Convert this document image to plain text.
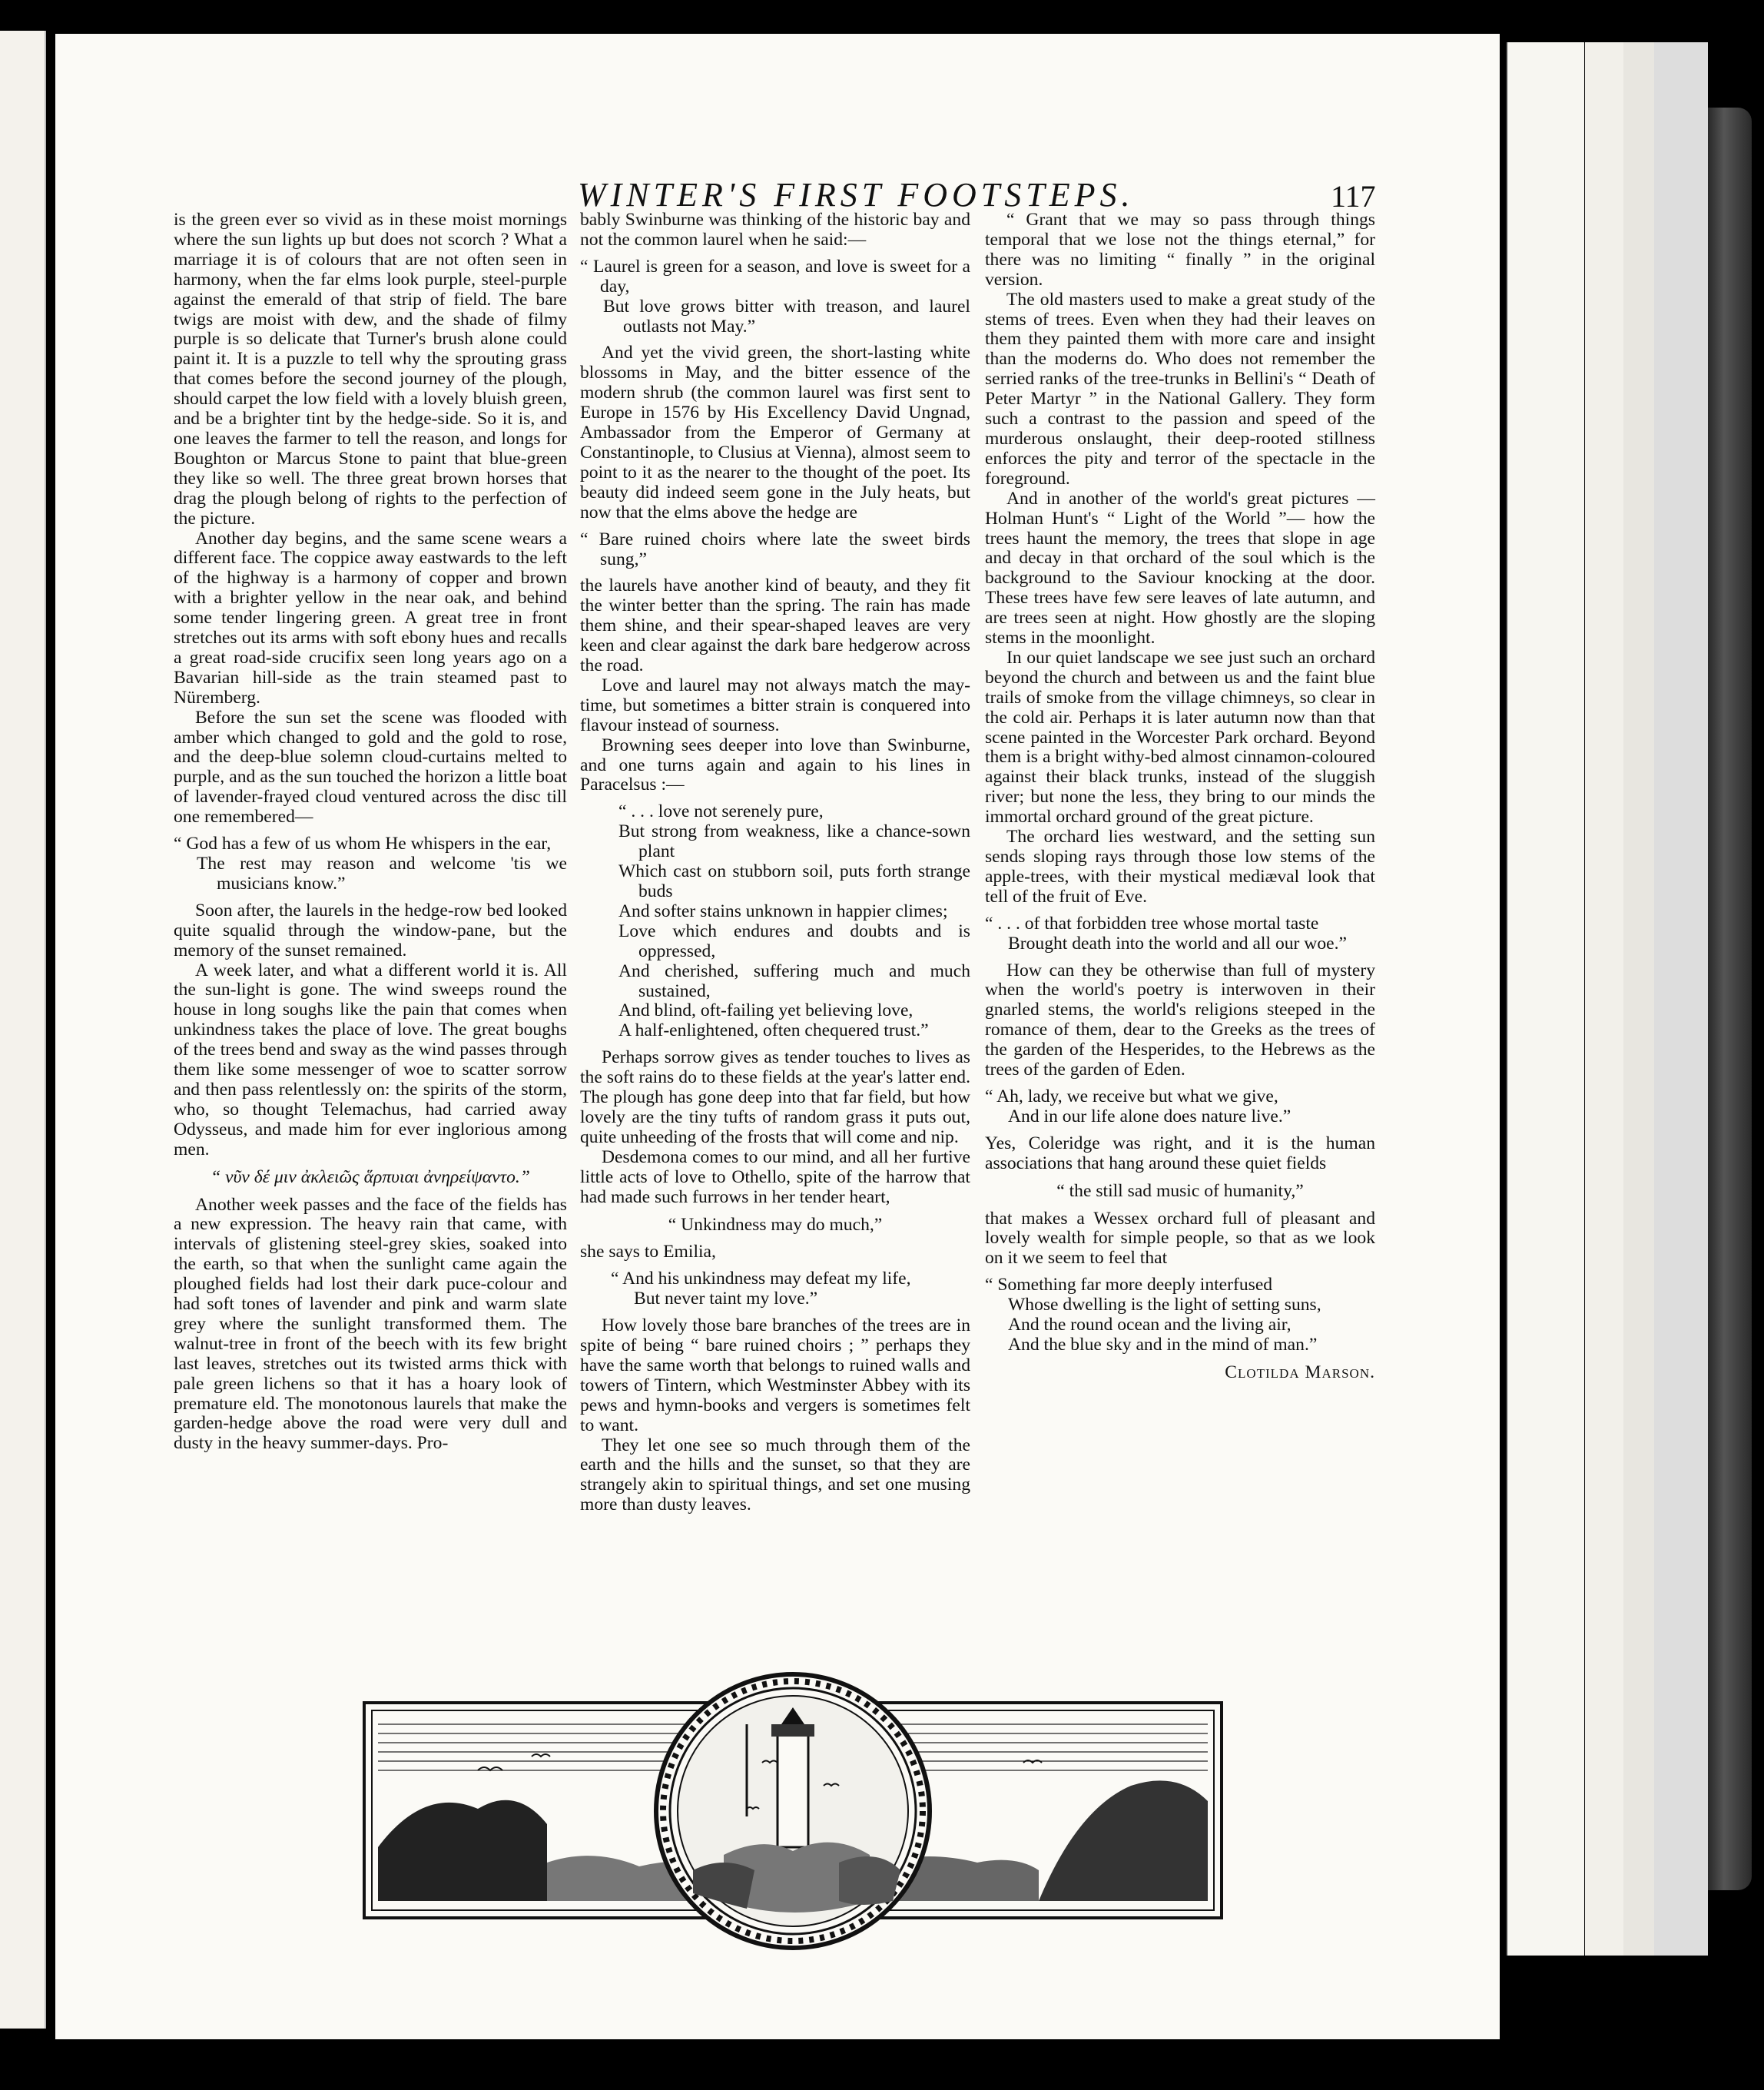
WINTER'S FIRST FOOTSTEPS.	117

is the green ever so vivid as in these moist mornings where the sun lights up but does not scorch ? What a marriage it is of colours that are not often seen in harmony, when the far elms look purple, steel-purple against the emerald of that strip of field. The bare twigs are moist with dew, and the shade of filmy purple is so delicate that Turner's brush alone could paint it. It is a puzzle to tell why the sprouting grass that comes before the second journey of the plough, should carpet the low field with a lovely bluish green, and be a brighter tint by the hedge-side. So it is, and one leaves the farmer to tell the reason, and longs for Boughton or Marcus Stone to paint that blue-green they like so well. The three great brown horses that drag the plough belong of rights to the perfection of the picture.

Another day begins, and the same scene wears a different face. The coppice away eastwards to the left of the highway is a harmony of copper and brown with a brighter yellow in the near oak, and behind some tender lingering green. A great tree in front stretches out its arms with soft ebony hues and recalls a great road-side crucifix seen long years ago on a Bavarian hill-side as the train steamed past to Nüremberg.

Before the sun set the scene was flooded with amber which changed to gold and the gold to rose, and the deep-blue solemn cloud-curtains melted to purple, and as the sun touched the horizon a little boat of lavender-frayed cloud ventured across the disc till one remembered—

“ God has a few of us whom He whispers in the ear,
The rest may reason and welcome 'tis we musicians know.”

Soon after, the laurels in the hedge-row bed looked quite squalid through the window-pane, but the memory of the sunset remained.

A week later, and what a different world it is. All the sun-light is gone. The wind sweeps round the house in long soughs like the pain that comes when unkindness takes the place of love. The great boughs of the trees bend and sway as the wind passes through them like some messenger of woe to scatter sorrow and then pass relentlessly on: the spirits of the storm, who, so thought Telemachus, had carried away Odysseus, and made him for ever inglorious among men.

“ νῦν δέ μιν ἀκλειῶς ἅρπυιαι ἀνηρείψαντο.”

Another week passes and the face of the fields has a new expression. The heavy rain that came, with intervals of glistening steel-grey skies, soaked into the earth, so that when the sunlight came again the ploughed fields had lost their dark puce-colour and had soft tones of lavender and pink and warm slate grey where the sunlight transformed them. The walnut-tree in front of the beech with its few bright last leaves, stretches out its twisted arms thick with pale green lichens so that it has a hoary look of premature eld. The monotonous laurels that make the garden-hedge above the road were very dull and dusty in the heavy summer-days. Pro-

bably Swinburne was thinking of the historic bay and not the common laurel when he said:—

“ Laurel is green for a season, and love is sweet for a day,
But love grows bitter with treason, and laurel outlasts not May.”

And yet the vivid green, the short-lasting white blossoms in May, and the bitter essence of the modern shrub (the common laurel was first sent to Europe in 1576 by His Excellency David Ungnad, Ambassador from the Emperor of Germany at Constantinople, to Clusius at Vienna), almost seem to point to it as the nearer to the thought of the poet. Its beauty did indeed seem gone in the July heats, but now that the elms above the hedge are

“ Bare ruined choirs where late the sweet birds sung,”

the laurels have another kind of beauty, and they fit the winter better than the spring. The rain has made them shine, and their spear-shaped leaves are very keen and clear against the dark bare hedgerow across the road.

Love and laurel may not always match the may-time, but sometimes a bitter strain is conquered into flavour instead of sourness.

Browning sees deeper into love than Swinburne, and one turns again and again to his lines in Paracelsus :—

“ . . . love not serenely pure,
But strong from weakness, like a chance-sown plant
Which cast on stubborn soil, puts forth strange buds
And softer stains unknown in happier climes;
Love which endures and doubts and is oppressed,
And cherished, suffering much and much sustained,
And blind, oft-failing yet believing love,
A half-enlightened, often chequered trust.”

Perhaps sorrow gives as tender touches to lives as the soft rains do to these fields at the year's latter end. The plough has gone deep into that far field, but how lovely are the tiny tufts of random grass it puts out, quite unheeding of the frosts that will come and nip.

Desdemona comes to our mind, and all her furtive little acts of love to Othello, spite of the harrow that had made such furrows in her tender heart,

“ Unkindness may do much,”

she says to Emilia,

“ And his unkindness may defeat my life,
But never taint my love.”

How lovely those bare branches of the trees are in spite of being “ bare ruined choirs ; ” perhaps they have the same worth that belongs to ruined walls and towers of Tintern, which Westminster Abbey with its pews and hymn-books and vergers is sometimes felt to want.

They let one see so much through them of the earth and the hills and the sunset, so that they are strangely akin to spiritual things, and set one musing more than dusty leaves.

“ Grant that we may so pass through things temporal that we lose not the things eternal,” for there was no limiting “ finally ” in the original version.

The old masters used to make a great study of the stems of trees. Even when they had their leaves on them they painted them with more care and insight than the moderns do. Who does not remember the serried ranks of the tree-trunks in Bellini's “ Death of Peter Martyr ” in the National Gallery. They form such a contrast to the passion and speed of the murderous onslaught, their deep-rooted stillness enforces the pity and terror of the spectacle in the foreground.

And in another of the world's great pictures —Holman Hunt's “ Light of the World ”— how the trees haunt the memory, the trees that slope in age and decay in that orchard of the soul which is the background to the Saviour knocking at the door. These trees have few sere leaves of late autumn, and are trees seen at night. How ghostly are the sloping stems in the moonlight.

In our quiet landscape we see just such an orchard beyond the church and between us and the faint blue trails of smoke from the village chimneys, so clear in the cold air. Perhaps it is later autumn now than that scene painted in the Worcester Park orchard. Beyond them is a bright withy-bed almost cinnamon-coloured against their black trunks, instead of the sluggish river; but none the less, they bring to our minds the immortal orchard ground of the great picture.

The orchard lies westward, and the setting sun sends sloping rays through those low stems of the apple-trees, with their mystical mediæval look that tell of the fruit of Eve.

“ . . . of that forbidden tree whose mortal taste
Brought death into the world and all our woe.”

How can they be otherwise than full of mystery when the world's poetry is interwoven in their gnarled stems, the world's religions steeped in the romance of them, dear to the Greeks as the trees of the garden of the Hesperides, to the Hebrews as the trees of the garden of Eden.

“ Ah, lady, we receive but what we give,
And in our life alone does nature live.”

Yes, Coleridge was right, and it is the human associations that hang around these quiet fields

“ the still sad music of humanity,”

that makes a Wessex orchard full of pleasant and lovely wealth for simple people, so that as we look on it we seem to feel that

“ Something far more deeply interfused
Whose dwelling is the light of setting suns,
And the round ocean and the living air,
And the blue sky and in the mind of man.”
Clotilda Marson.
